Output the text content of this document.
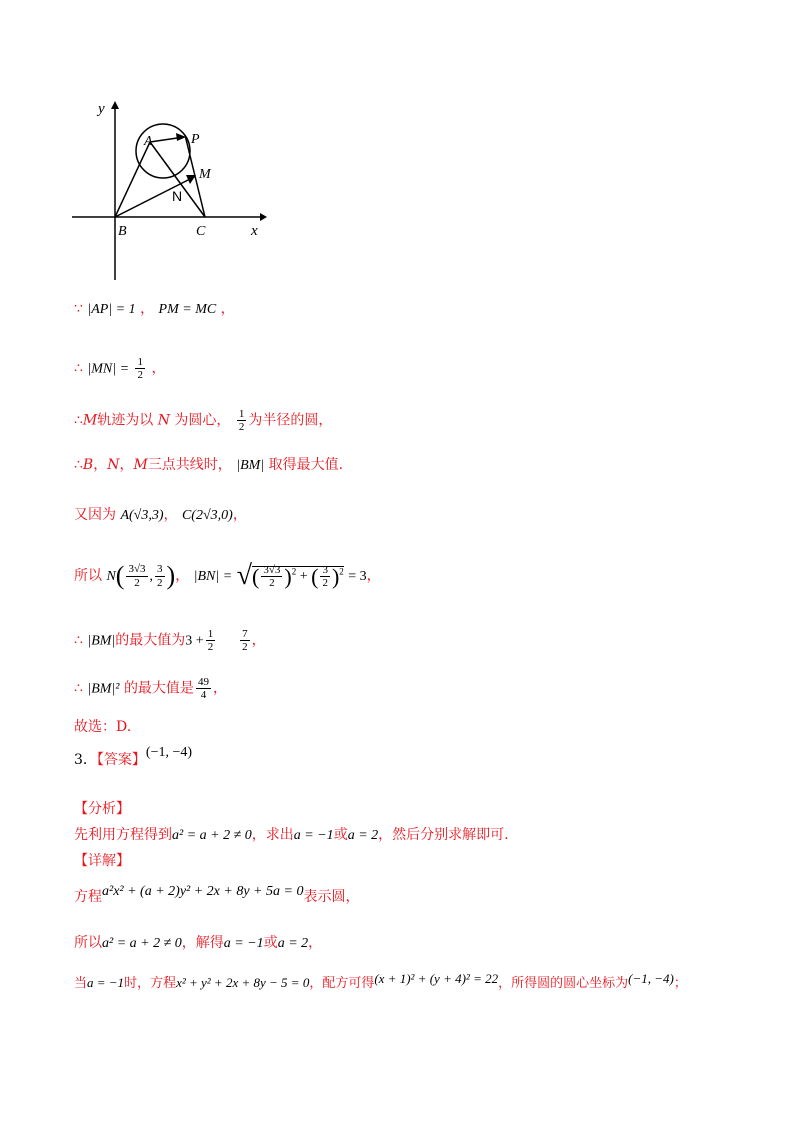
y
x
A	P
M
N
B	C
∵ |AP| = 1 ， PM = MC ，
∴ $|MN| = \frac{1}{2}$ ，
∴M轨迹为以 N 为圆心， $\frac{1}{2}$ 为半径的圆，
∴B，N，M三点共线时， |BM| 取得最大值.
又因为 A(√3,3)， C(2√3,0)，
所以 $N( \frac{3√3}{2}$ , $\frac{3}{2}$ )， |BN| = √( $\frac{3√3}{2} )^2$ + ( $\frac{3}{2} )^2 = 3$，
∴ |BM|的最大值为$3 + \frac{1}{2}$
$\frac{7}{2}$ ，
∴ |BM|² 的最大值是 $\frac{49}{4}$ ，
故选：D.
3．【答案】(−1, −4)
【分析】
先利用方程得到a² = a + 2 ≠ 0，求出a = −1或a = 2，然后分别求解即可.
【详解】
方程a²x² + (a + 2)y² + 2x + 8y + 5a = 0表示圆，
所以a² = a + 2 ≠ 0，解得a = −1或a = 2，
当a = −1时，方程x² + y² + 2x + 8y − 5 = 0，配方可得(x + 1)² + (y + 4)² = 22，所得圆的圆心坐标为(−1, −4)；
